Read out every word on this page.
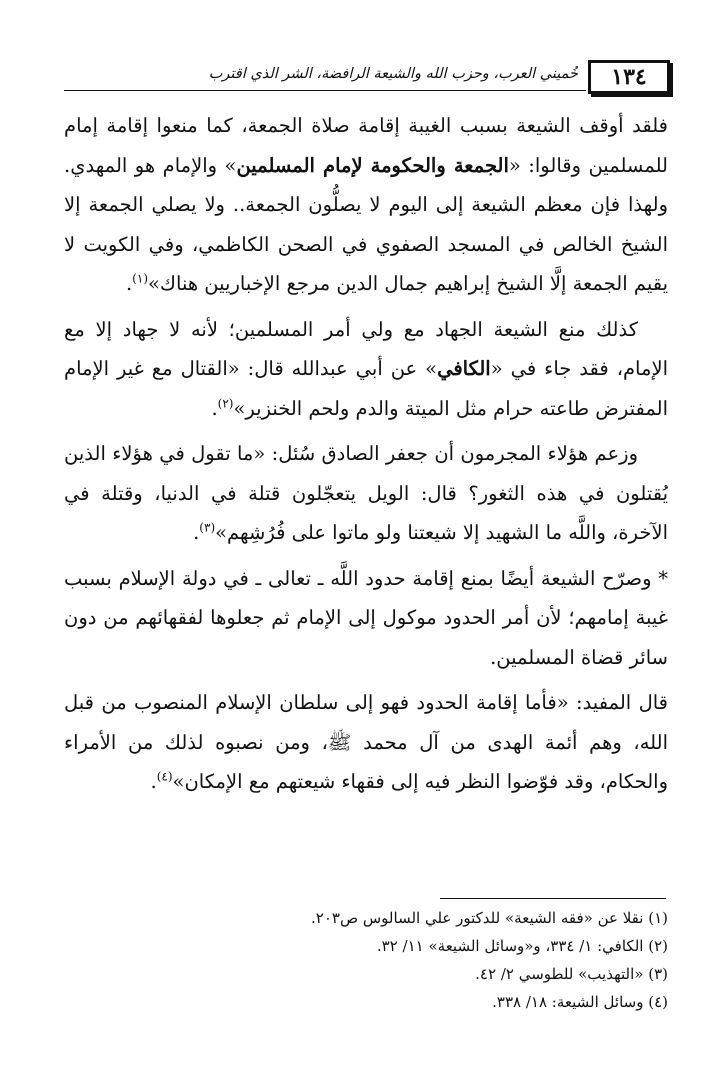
١٣٤
خُميني العرب، وحزب الله والشيعة الرافضة، الشر الذي اقترب

فلقد أوقف الشيعة بسبب الغيبة إقامة صلاة الجمعة، كما منعوا إقامة إمام للمسلمين وقالوا: «الجمعة والحكومة لإمام المسلمين» والإمام هو المهدي. ولهذا فإن معظم الشيعة إلى اليوم لا يصلُّون الجمعة.. ولا يصلي الجمعة إلا الشيخ الخالص في المسجد الصفوي في الصحن الكاظمي، وفي الكويت لا يقيم الجمعة إلَّا الشيخ إبراهيم جمال الدين مرجع الإخباريين هناك»$^{(١)}$.

كذلك منع الشيعة الجهاد مع ولي أمر المسلمين؛ لأنه لا جهاد إلا مع الإمام، فقد جاء في «الكافي» عن أبي عبدالله قال: «القتال مع غير الإمام المفترض طاعته حرام مثل الميتة والدم ولحم الخنزير»$^{(٢)}$.

وزعم هؤلاء المجرمون أن جعفر الصادق سُئل: «ما تقول في هؤلاء الذين يُقتلون في هذه الثغور؟ قال: الويل يتعجّلون قتلة في الدنيا، وقتلة في الآخرة، واللَّه ما الشهيد إلا شيعتنا ولو ماتوا على فُرُشِهم»$^{(٣)}$.

* وصرّح الشيعة أيضًا بمنع إقامة حدود اللَّه ـ تعالى ـ في دولة الإسلام بسبب غيبة إمامهم؛ لأن أمر الحدود موكول إلى الإمام ثم جعلوها لفقهائهم من دون سائر قضاة المسلمين.

قال المفيد: «فأما إقامة الحدود فهو إلى سلطان الإسلام المنصوب من قبل الله، وهم أئمة الهدى من آل محمد ﷺ، ومن نصبوه لذلك من الأمراء والحكام، وقد فوّضوا النظر فيه إلى فقهاء شيعتهم مع الإمكان»$^{(٤)}$.

(١) نقلا عن «فقه الشيعة» للدكتور علي السالوس ص٢٠٣.

(٢) الكافي: ١/ ٣٣٤، و«وسائل الشيعة» ١١/ ٣٢.

(٣) «التهذيب» للطوسي ٢/ ٤٢.

(٤) وسائل الشيعة: ١٨/ ٣٣٨.
